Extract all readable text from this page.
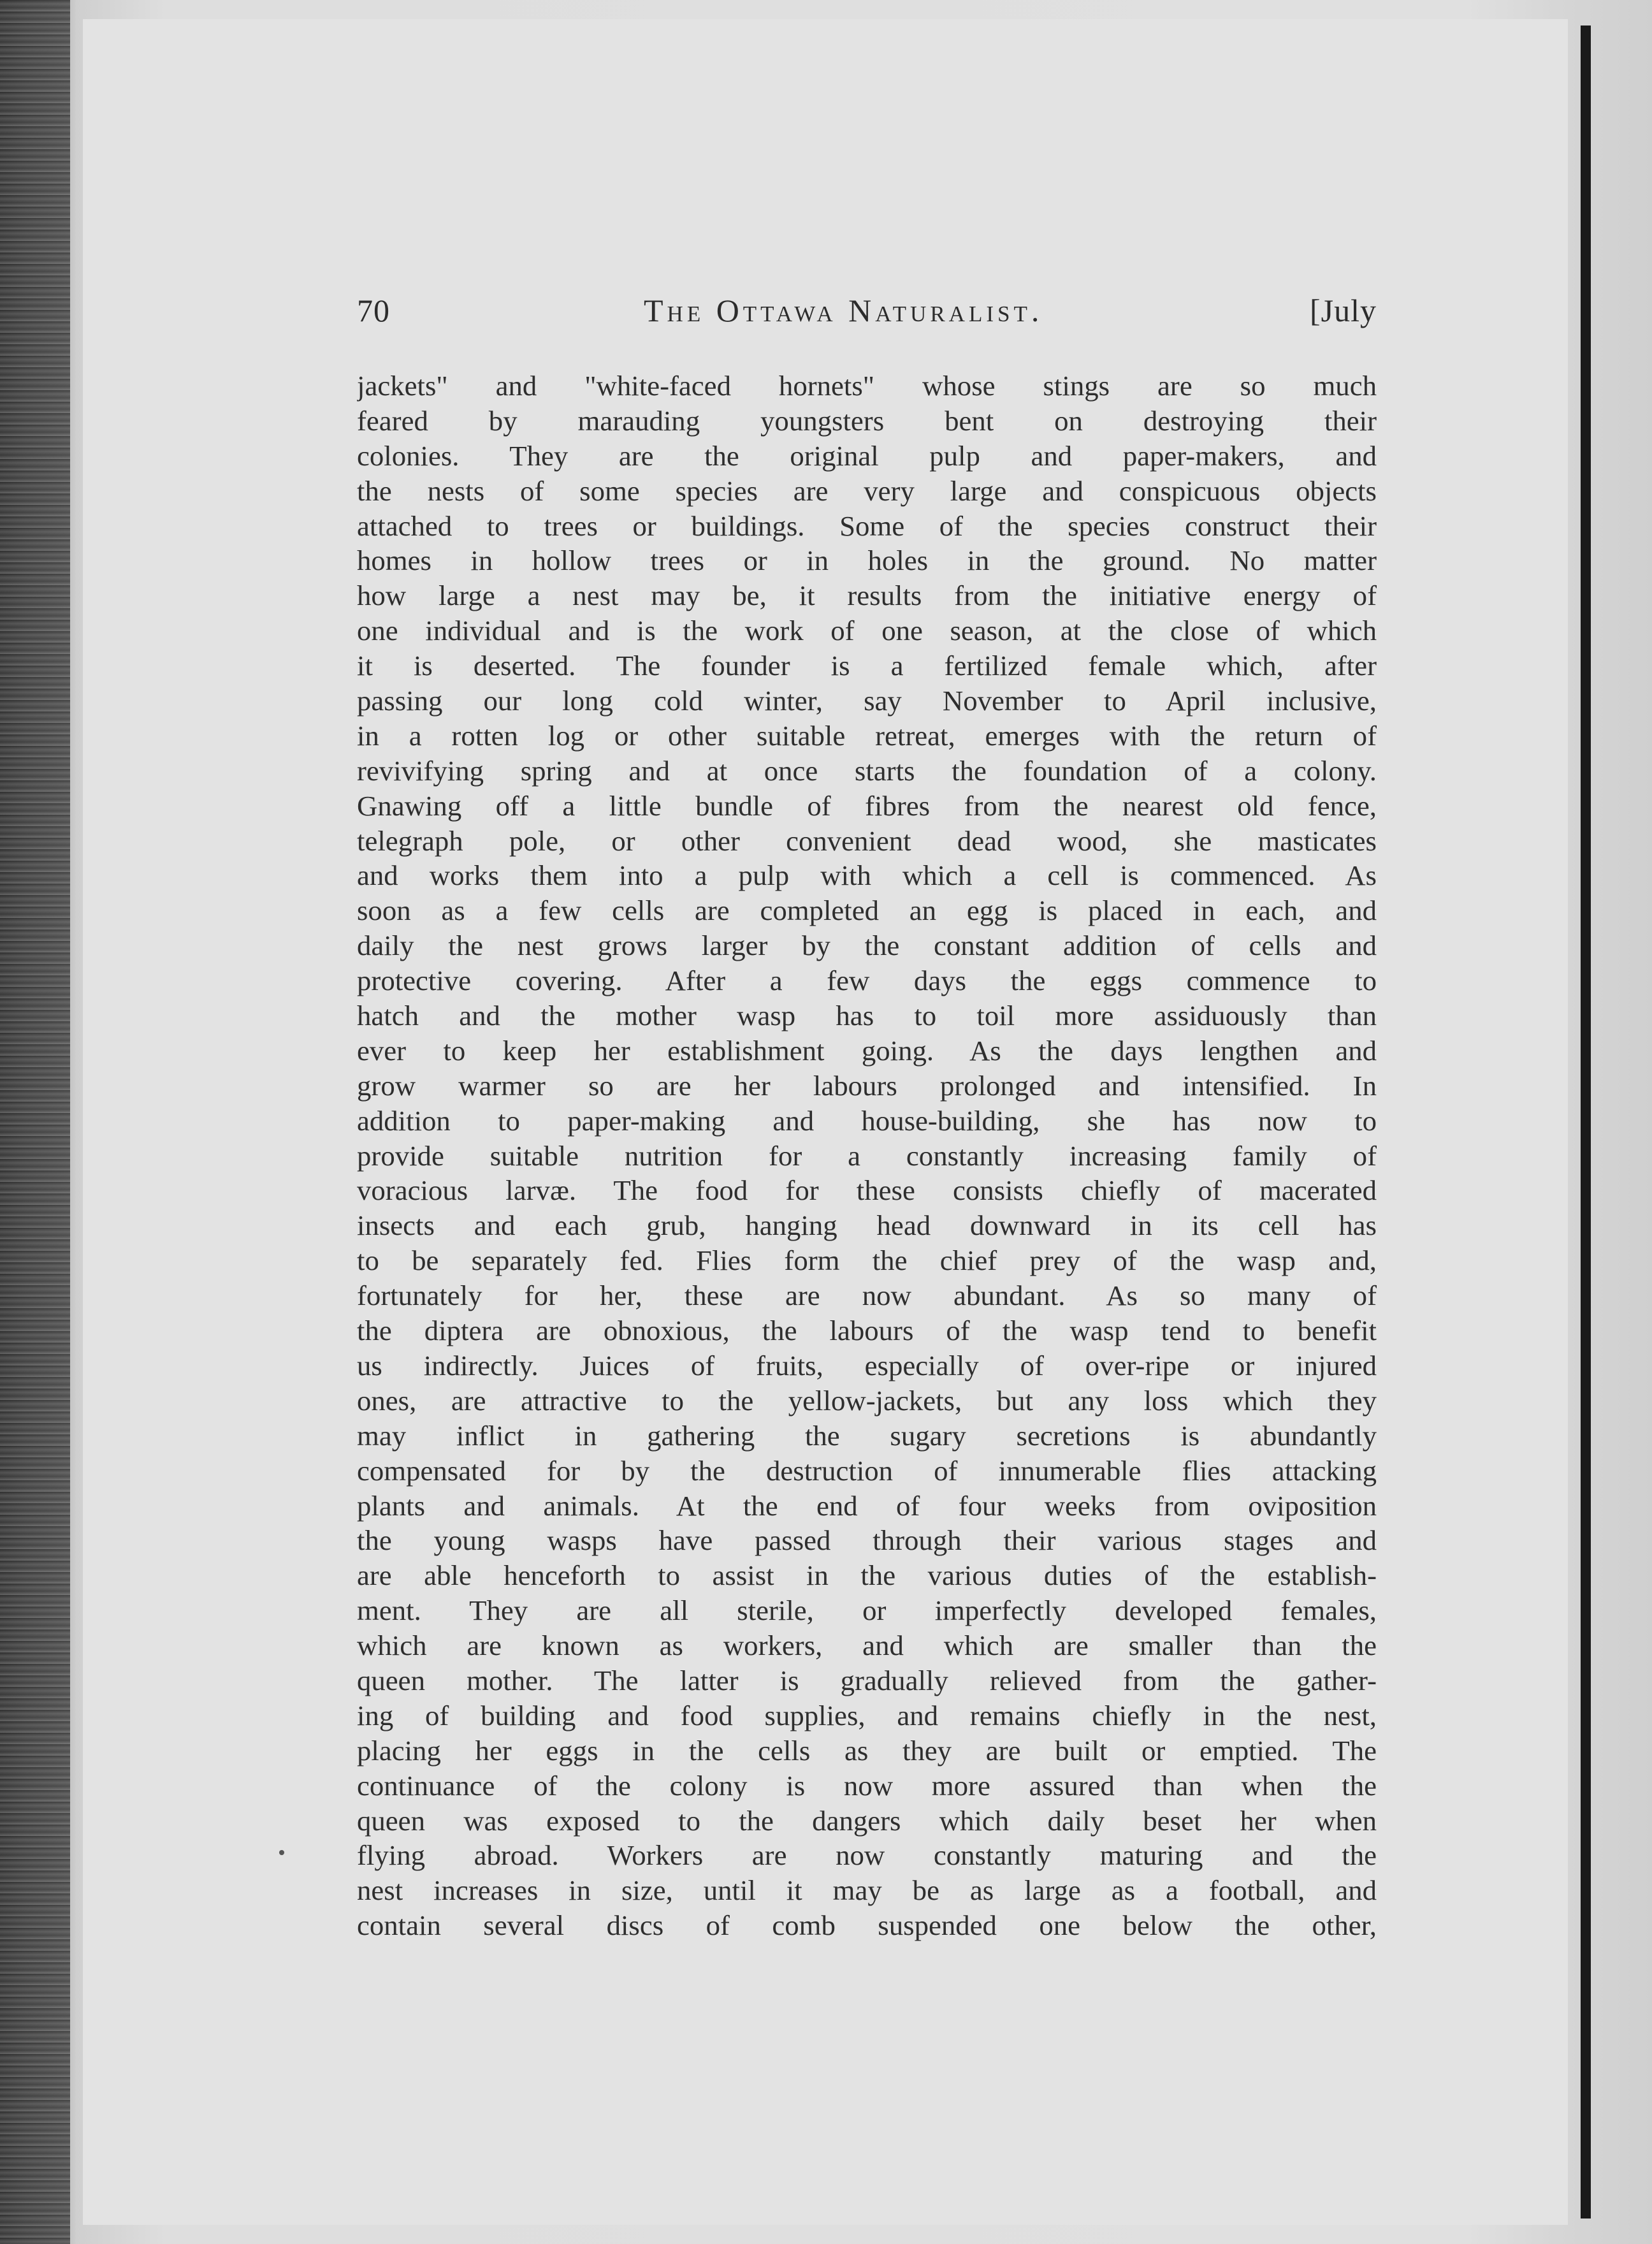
70	The Ottawa Naturalist.	[July
jackets" and "white-faced hornets" whose stings are so much
feared by marauding youngsters bent on destroying their
colonies. They are the original pulp and paper-makers, and
the nests of some species are very large and conspicuous objects
attached to trees or buildings. Some of the species construct their
homes in hollow trees or in holes in the ground. No matter
how large a nest may be, it results from the initiative energy of
one individual and is the work of one season, at the close of which
it is deserted. The founder is a fertilized female which, after
passing our long cold winter, say November to April inclusive,
in a rotten log or other suitable retreat, emerges with the return of
revivifying spring and at once starts the foundation of a colony.
Gnawing off a little bundle of fibres from the nearest old fence,
telegraph pole, or other convenient dead wood, she masticates
and works them into a pulp with which a cell is commenced. As
soon as a few cells are completed an egg is placed in each, and
daily the nest grows larger by the constant addition of cells and
protective covering. After a few days the eggs commence to
hatch and the mother wasp has to toil more assiduously than
ever to keep her establishment going. As the days lengthen and
grow warmer so are her labours prolonged and intensified. In
addition to paper-making and house-building, she has now to
provide suitable nutrition for a constantly increasing family of
voracious larvæ. The food for these consists chiefly of macerated
insects and each grub, hanging head downward in its cell has
to be separately fed. Flies form the chief prey of the wasp and,
fortunately for her, these are now abundant. As so many of
the diptera are obnoxious, the labours of the wasp tend to benefit
us indirectly. Juices of fruits, especially of over-ripe or injured
ones, are attractive to the yellow-jackets, but any loss which they
may inflict in gathering the sugary secretions is abundantly
compensated for by the destruction of innumerable flies attacking
plants and animals. At the end of four weeks from oviposition
the young wasps have passed through their various stages and
are able henceforth to assist in the various duties of the establish-
ment. They are all sterile, or imperfectly developed females,
which are known as workers, and which are smaller than the
queen mother. The latter is gradually relieved from the gather-
ing of building and food supplies, and remains chiefly in the nest,
placing her eggs in the cells as they are built or emptied. The
continuance of the colony is now more assured than when the
queen was exposed to the dangers which daily beset her when
flying abroad. Workers are now constantly maturing and the
nest increases in size, until it may be as large as a football, and
contain several discs of comb suspended one below the other,
